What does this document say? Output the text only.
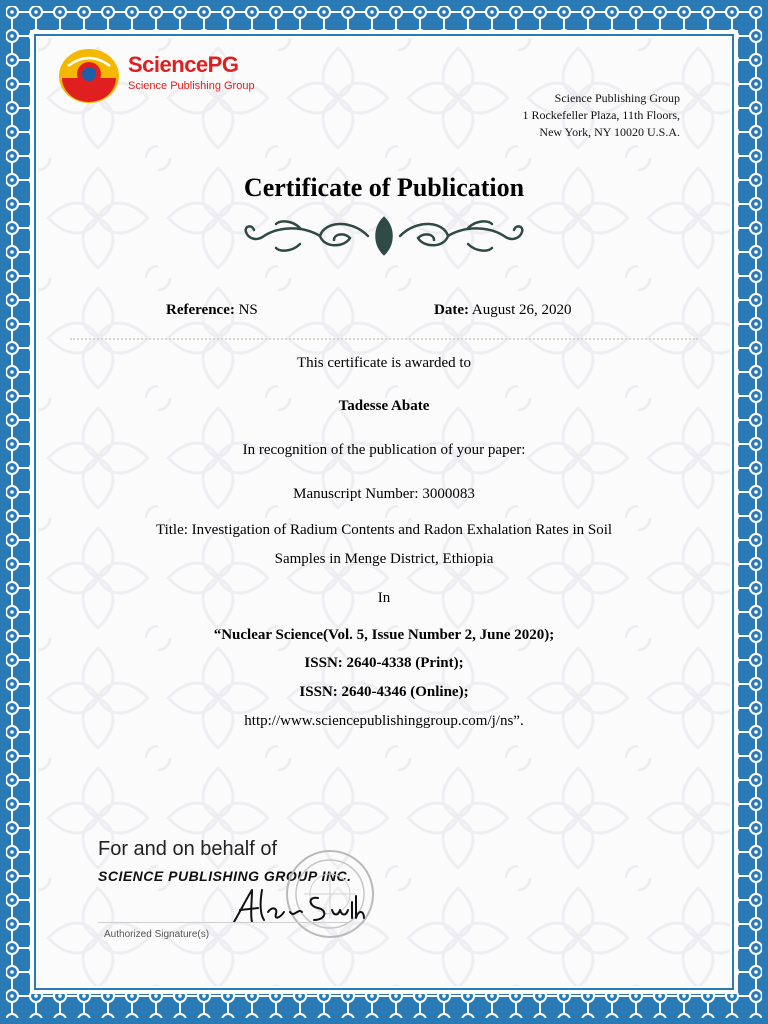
SciencePG
Science Publishing Group
Science Publishing Group
1 Rockefeller Plaza, 11th Floors,
New York, NY 10020 U.S.A.
Certificate of Publication
Reference: NS	Date: August 26, 2020
This certificate is awarded to
Tadesse Abate
In recognition of the publication of your paper:
Manuscript Number: 3000083
Title: Investigation of Radium Contents and Radon Exhalation Rates in Soil
Samples in Menge District, Ethiopia
In
“Nuclear Science(Vol. 5, Issue Number 2, June 2020);
ISSN: 2640-4338 (Print);
ISSN: 2640-4346 (Online);
http://www.sciencepublishinggroup.com/j/ns”.
For and on behalf of
SCIENCE PUBLISHING GROUP INC.
Authorized Signature(s)
